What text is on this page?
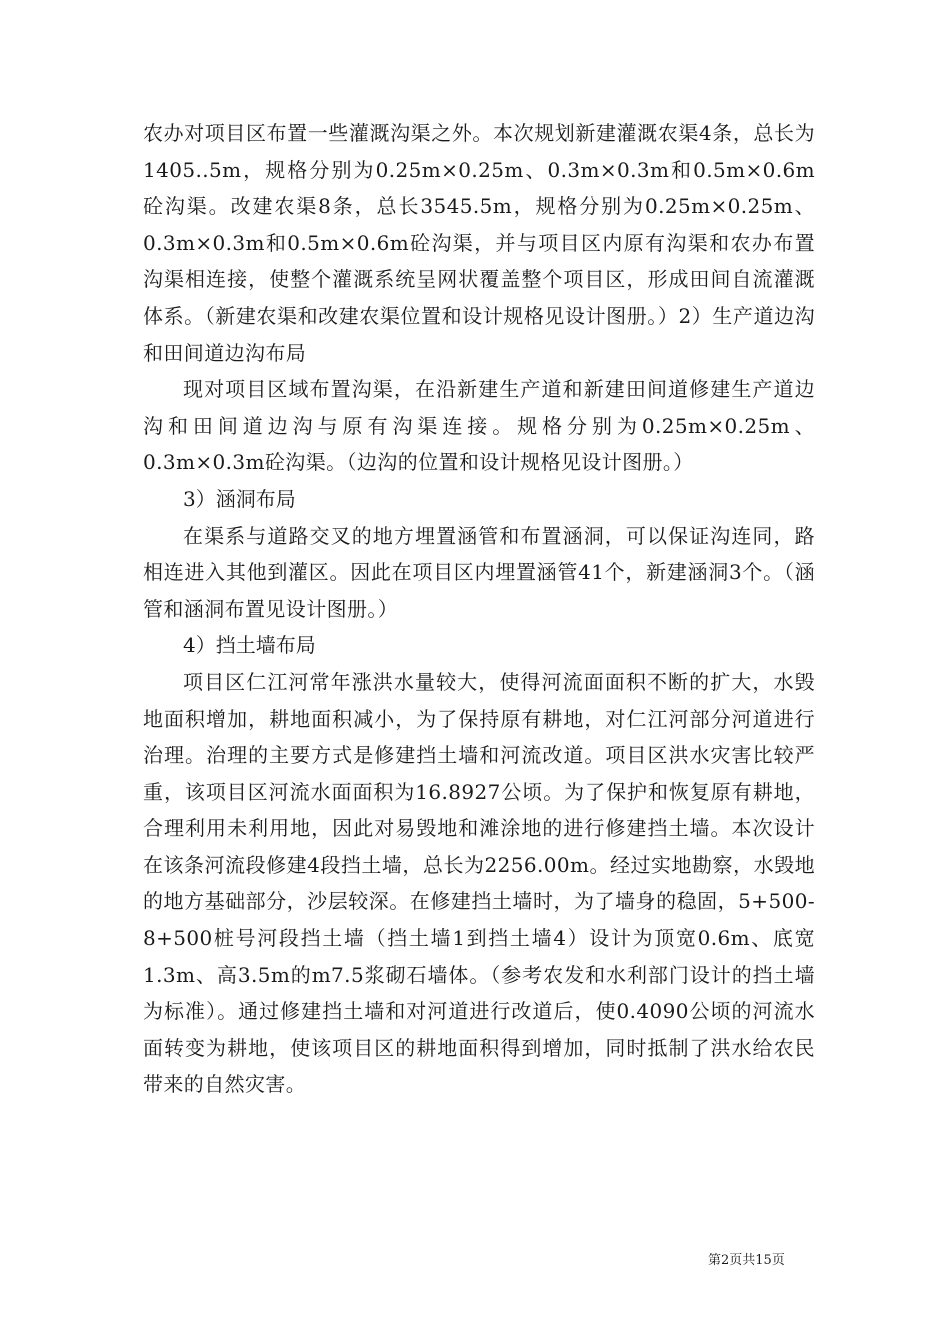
农办对项目区布置一些灌溉沟渠之外。本次规划新建灌溉农渠4条，总长为1405..5m，规格分别为0.25m×0.25m、0.3m×0.3m和0.5m×0.6m砼沟渠。改建农渠8条，总长3545.5m，规格分别为0.25m×0.25m、0.3m×0.3m和0.5m×0.6m砼沟渠，并与项目区内原有沟渠和农办布置沟渠相连接，使整个灌溉系统呈网状覆盖整个项目区，形成田间自流灌溉体系。（新建农渠和改建农渠位置和设计规格见设计图册。）2）生产道边沟和田间道边沟布局

现对项目区域布置沟渠，在沿新建生产道和新建田间道修建生产道边沟和田间道边沟与原有沟渠连接。规格分别为0.25m×0.25m、0.3m×0.3m砼沟渠。（边沟的位置和设计规格见设计图册。）

3）涵洞布局

在渠系与道路交叉的地方埋置涵管和布置涵洞，可以保证沟连同，路相连进入其他到灌区。因此在项目区内埋置涵管41个，新建涵洞3个。（涵管和涵洞布置见设计图册。）

4）挡土墙布局

项目区仁江河常年涨洪水量较大，使得河流面面积不断的扩大，水毁地面积增加，耕地面积减小，为了保持原有耕地，对仁江河部分河道进行治理。治理的主要方式是修建挡土墙和河流改道。项目区洪水灾害比较严重，该项目区河流水面面积为16.8927公顷。为了保护和恢复原有耕地，合理利用未利用地，因此对易毁地和滩涂地的进行修建挡土墙。本次设计在该条河流段修建4段挡土墙，总长为2256.00m。经过实地勘察，水毁地的地方基础部分，沙层较深。在修建挡土墙时，为了墙身的稳固，5+500-8+500桩号河段挡土墙（挡土墙1到挡土墙4）设计为顶宽0.6m、底宽1.3m、高3.5m的m7.5浆砌石墙体。（参考农发和水利部门设计的挡土墙为标准）。通过修建挡土墙和对河道进行改道后，使0.4090公顷的河流水面转变为耕地，使该项目区的耕地面积得到增加，同时抵制了洪水给农民带来的自然灾害。

第2页共15页
